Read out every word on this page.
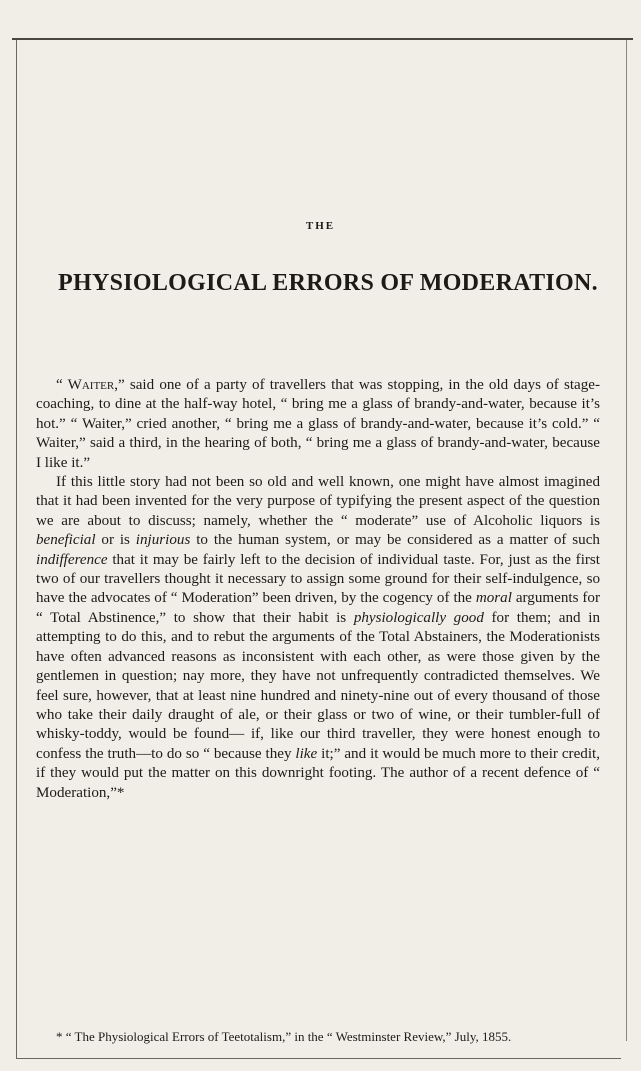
THE
PHYSIOLOGICAL ERRORS OF MODERATION.

“ Waiter,” said one of a party of travellers that was stopping, in the old days of stage-coaching, to dine at the half-way hotel, “ bring me a glass of brandy-and-water, because it’s hot.” “ Waiter,” cried another, “ bring me a glass of brandy-and-water, because it’s cold.” “ Waiter,” said a third, in the hearing of both, “ bring me a glass of brandy-and-water, because I like it.”

If this little story had not been so old and well known, one might have almost imagined that it had been invented for the very purpose of typifying the present aspect of the question we are about to discuss; namely, whether the “ moderate” use of Alcoholic liquors is beneficial or is injurious to the human system, or may be considered as a matter of such indifference that it may be fairly left to the decision of individual taste. For, just as the first two of our travellers thought it necessary to assign some ground for their self-indulgence, so have the advocates of “ Moderation” been driven, by the cogency of the moral arguments for “ Total Abstinence,” to show that their habit is physiologically good for them; and in attempting to do this, and to rebut the arguments of the Total Abstainers, the Moderationists have often advanced reasons as inconsistent with each other, as were those given by the gentlemen in question; nay more, they have not unfrequently contradicted themselves. We feel sure, however, that at least nine hundred and ninety-nine out of every thousand of those who take their daily draught of ale, or their glass or two of wine, or their tumbler-full of whisky-toddy, would be found— if, like our third traveller, they were honest enough to confess the truth—to do so “ because they like it;” and it would be much more to their credit, if they would put the matter on this downright footing. The author of a recent defence of “ Moderation,”*

* “ The Physiological Errors of Teetotalism,” in the “ Westminster Review,” July, 1855.
